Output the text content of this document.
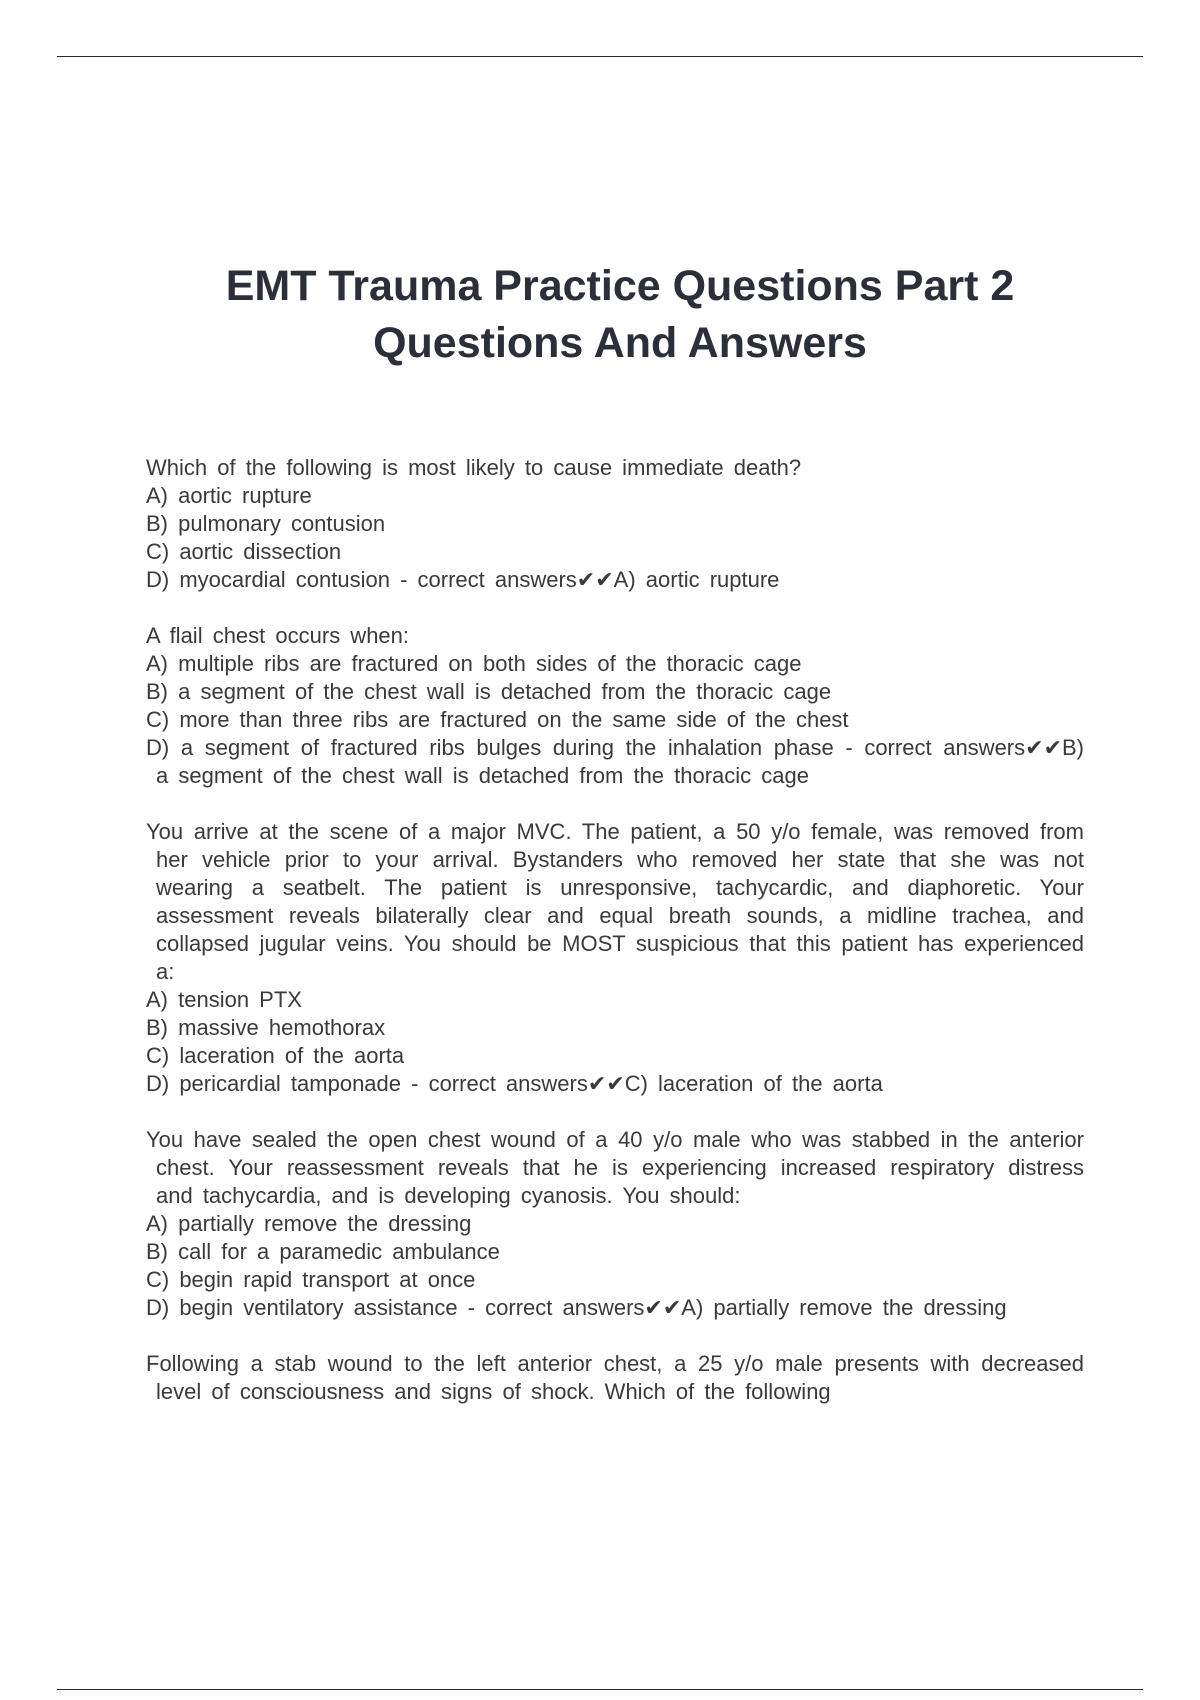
EMT Trauma Practice Questions Part 2
Questions And Answers
Which of the following is most likely to cause immediate death?
A) aortic rupture
B) pulmonary contusion
C) aortic dissection
D) myocardial contusion - correct answers✔✔A) aortic rupture
A flail chest occurs when:
A) multiple ribs are fractured on both sides of the thoracic cage
B) a segment of the chest wall is detached from the thoracic cage
C) more than three ribs are fractured on the same side of the chest
D) a segment of fractured ribs bulges during the inhalation phase - correct answers✔✔B) a segment of the chest wall is detached from the thoracic cage
You arrive at the scene of a major MVC. The patient, a 50 y/o female, was removed from her vehicle prior to your arrival. Bystanders who removed her state that she was not wearing a seatbelt. The patient is unresponsive, tachycardic, and diaphoretic. Your assessment reveals bilaterally clear and equal breath sounds, a midline trachea, and collapsed jugular veins. You should be MOST suspicious that this patient has experienced a:
A) tension PTX
B) massive hemothorax
C) laceration of the aorta
D) pericardial tamponade - correct answers✔✔C) laceration of the aorta
You have sealed the open chest wound of a 40 y/o male who was stabbed in the anterior chest. Your reassessment reveals that he is experiencing increased respiratory distress and tachycardia, and is developing cyanosis. You should:
A) partially remove the dressing
B) call for a paramedic ambulance
C) begin rapid transport at once
D) begin ventilatory assistance - correct answers✔✔A) partially remove the dressing
Following a stab wound to the left anterior chest, a 25 y/o male presents with decreased level of consciousness and signs of shock. Which of the following
